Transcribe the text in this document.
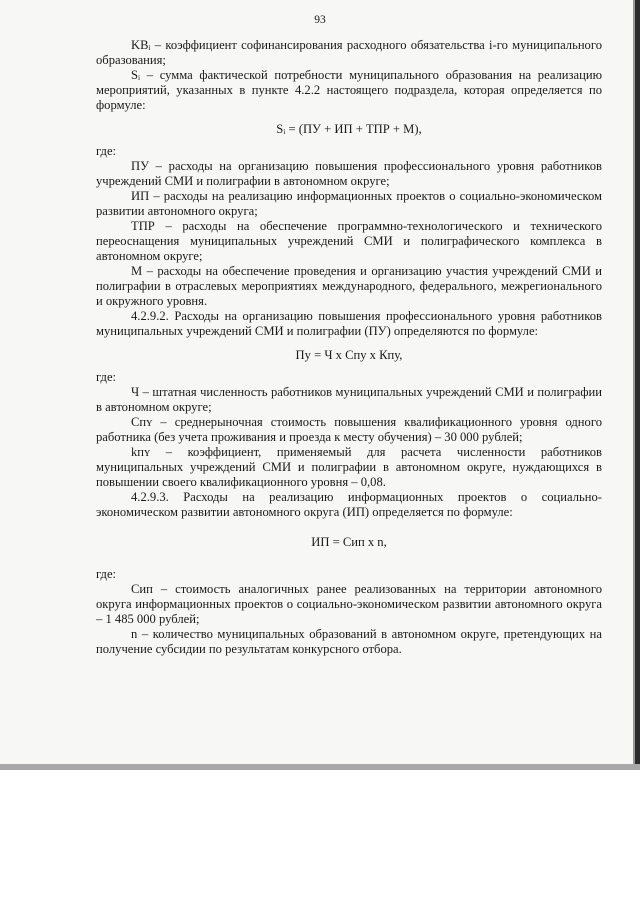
93

KBᵢ – коэффициент софинансирования расходного обязательства i-го муниципального образования;

Sᵢ – сумма фактической потребности муниципального образования на реализацию мероприятий, указанных в пункте 4.2.2 настоящего подраздела, которая определяется по формуле:

Sᵢ = (ПУ + ИП + ТПР + М),

где:

ПУ – расходы на организацию повышения профессионального уровня работников учреждений СМИ и полиграфии в автономном округе;

ИП – расходы на реализацию информационных проектов о социально-экономическом развитии автономного округа;

ТПР – расходы на обеспечение программно-технологического и технического переоснащения муниципальных учреждений СМИ и полиграфического комплекса в автономном округе;

М – расходы на обеспечение проведения и организацию участия учреждений СМИ и полиграфии в отраслевых мероприятиях международного, федерального, межрегионального и окружного уровня.

4.2.9.2. Расходы на организацию повышения профессионального уровня работников муниципальных учреждений СМИ и полиграфии (ПУ) определяются по формуле:

Пу = Ч x Спу x Кпу,

где:

Ч – штатная численность работников муниципальных учреждений СМИ и полиграфии в автономном округе;

Сᴨʏ – среднерыночная стоимость повышения квалификационного уровня одного работника (без учета проживания и проезда к месту обучения) – 30 000 рублей;

kᴨʏ – коэффициент, применяемый для расчета численности работников муниципальных учреждений СМИ и полиграфии в автономном округе, нуждающихся в повышении своего квалификационного уровня – 0,08.

4.2.9.3. Расходы на реализацию информационных проектов о социально-экономическом развитии автономного округа (ИП) определяется по формуле:

ИП = Сᴎᴨ x n,

где:

Сᴎᴨ – стоимость аналогичных ранее реализованных на территории автономного округа информационных проектов о социально-экономическом развитии автономного округа – 1 485 000 рублей;

n – количество муниципальных образований в автономном округе, претендующих на получение субсидии по результатам конкурсного отбора.
